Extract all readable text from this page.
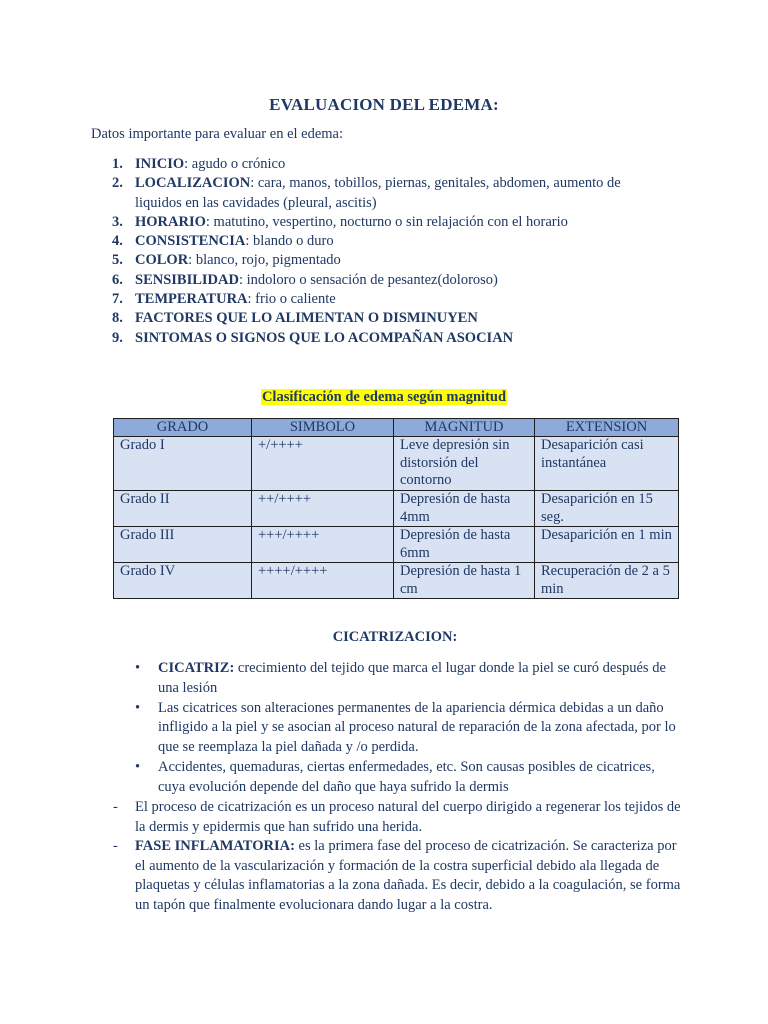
EVALUACION DEL EDEMA:
Datos importante para evaluar en el edema:
1. INICIO: agudo o crónico
2. LOCALIZACION: cara, manos, tobillos, piernas, genitales, abdomen, aumento de liquidos en las cavidades (pleural, ascitis)
3. HORARIO: matutino, vespertino, nocturno o sin relajación con el horario
4. CONSISTENCIA: blando o duro
5. COLOR: blanco, rojo, pigmentado
6. SENSIBILIDAD: indoloro o sensación de pesantez(doloroso)
7. TEMPERATURA: frio o caliente
8. FACTORES QUE LO ALIMENTAN O DISMINUYEN
9. SINTOMAS O SIGNOS QUE LO ACOMPAÑAN ASOCIAN
Clasificación de edema según magnitud
GRADO	SIMBOLO	MAGNITUD	EXTENSION
Grado I	+/++++	Leve depresión sin distorsión del contorno	Desaparición casi instantánea
Grado II	++/++++	Depresión de hasta 4mm	Desaparición en 15 seg.
Grado III	+++/++++	Depresión de hasta 6mm	Desaparición en 1 min
Grado IV	++++/++++	Depresión de hasta 1 cm	Recuperación de 2 a 5 min
CICATRIZACION:
• CICATRIZ: crecimiento del tejido que marca el lugar donde la piel se curó después de una lesión
• Las cicatrices son alteraciones permanentes de la apariencia dérmica debidas a un daño infligido a la piel y se asocian al proceso natural de reparación de la zona afectada, por lo que se reemplaza la piel dañada y /o perdida.
• Accidentes, quemaduras, ciertas enfermedades, etc. Son causas posibles de cicatrices, cuya evolución depende del daño que haya sufrido la dermis
- El proceso de cicatrización es un proceso natural del cuerpo dirigido a regenerar los tejidos de la dermis y epidermis que han sufrido una herida.
- FASE INFLAMATORIA: es la primera fase del proceso de cicatrización. Se caracteriza por el aumento de la vascularización y formación de la costra superficial debido ala llegada de plaquetas y células inflamatorias a la zona dañada. Es decir, debido a la coagulación, se forma un tapón que finalmente evolucionara dando lugar a la costra.
